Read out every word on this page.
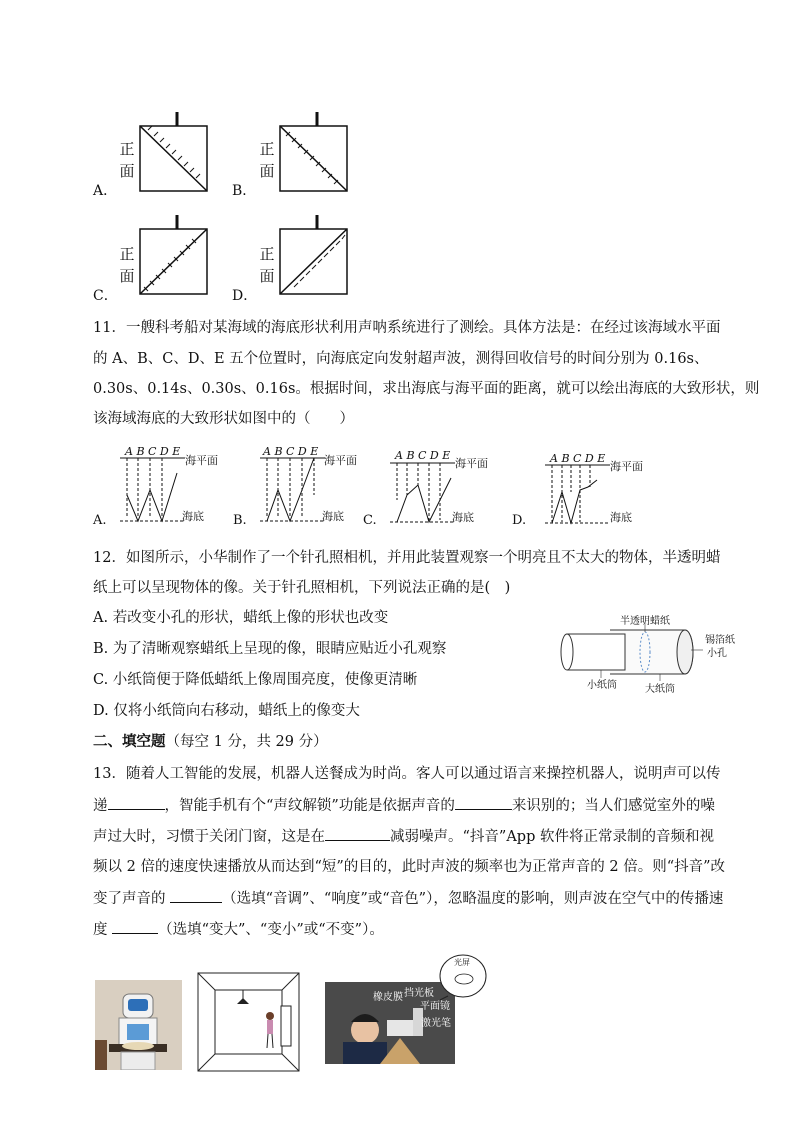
正
面
A．
正
面
B．
正
面
C．
正
面
D．
11．一艘科考船对某海域的海底形状利用声呐系统进行了测绘。具体方法是：在经过该海域水平面
的 A、B、C、D、E 五个位置时，向海底定向发射超声波，测得回收信号的时间分别为 0.16s、
0.30s、0.14s、0.30s、0.16s。根据时间，求出海底与海平面的距离，就可以绘出海底的大致形状，则
该海域海底的大致形状如图中的（　　）
A B C D E
海平面
海底
A.
A B C D E
海平面
海底
B.
A B C D E
海平面
海底
C.
A B C D E
海平面
海底
D.
12．如图所示，小华制作了一个针孔照相机，并用此装置观察一个明亮且不太大的物体，半透明蜡
纸上可以呈现物体的像。关于针孔照相机，下列说法正确的是(　)
A. 若改变小孔的形状，蜡纸上像的形状也改变
B. 为了清晰观察蜡纸上呈现的像，眼睛应贴近小孔观察
C. 小纸筒便于降低蜡纸上像周围亮度，使像更清晰
D. 仅将小纸筒向右移动，蜡纸上的像变大
半透明蜡纸
锡箔纸
小孔
小纸筒	大纸筒
二、填空题（每空 1 分，共 29 分）
13．随着人工智能的发展，机器人送餐成为时尚。客人可以通过语言来操控机器人，说明声可以传
递	，智能手机有个“声纹解锁”功能是依据声音的	来识别的；当人们感觉室外的噪
声过大时，习惯于关闭门窗，这是在	减弱噪声。“抖音”App 软件将正常录制的音频和视
频以 2 倍的速度快速播放从而达到“短”的目的，此时声波的频率也为正常声音的 2 倍。则“抖音”改
变了声音的	（选填“音调”、“响度”或“音色”），忽略温度的影响，则声波在空气中的传播速
度	（选填“变大”、“变小”或“不变”）。
橡皮膜 挡光板
平面镜
激光笔
光屏
